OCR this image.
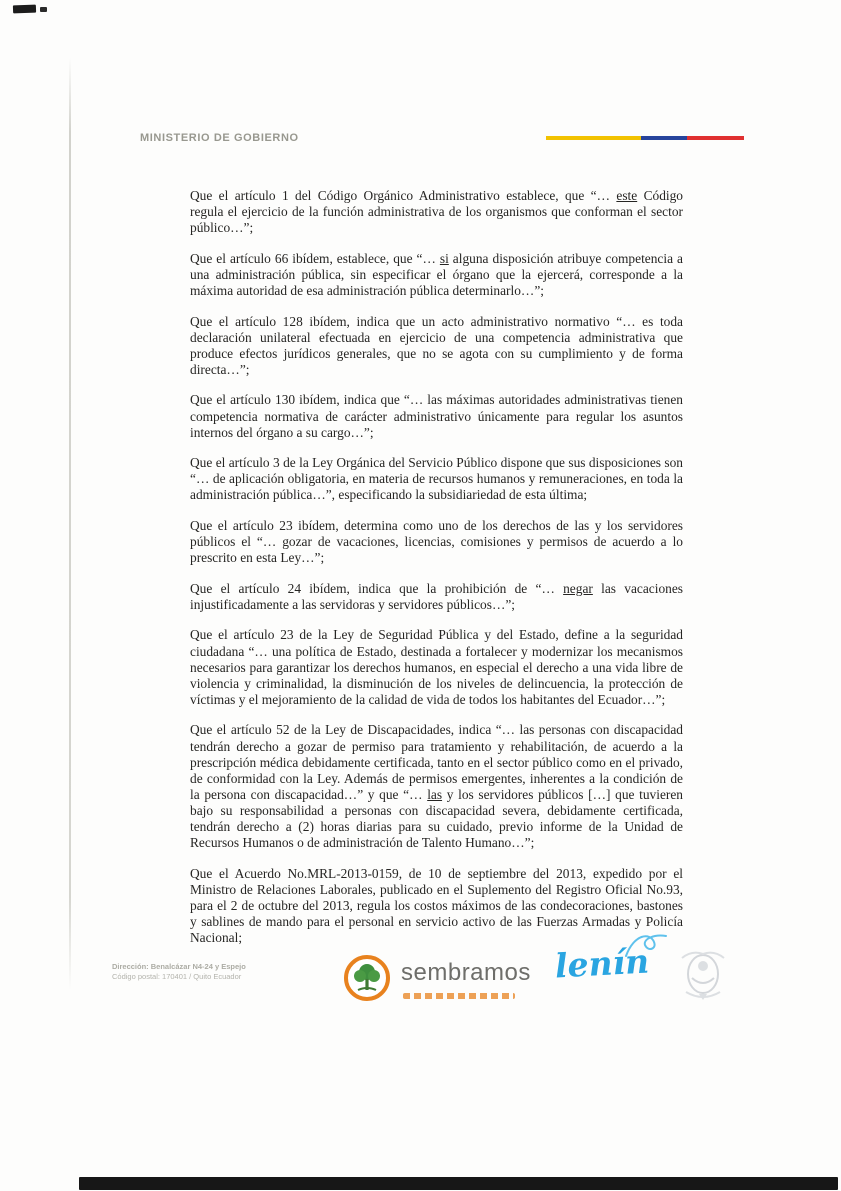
MINISTERIO DE GOBIERNO

Que el artículo 1 del Código Orgánico Administrativo establece, que “… este Código regula el ejercicio de la función administrativa de los organismos que conforman el sector público…”;

Que el artículo 66 ibídem, establece, que “… si alguna disposición atribuye competencia a una administración pública, sin especificar el órgano que la ejercerá, corresponde a la máxima autoridad de esa administración pública determinarlo…”;

Que el artículo 128 ibídem, indica que un acto administrativo normativo “… es toda declaración unilateral efectuada en ejercicio de una competencia administrativa que produce efectos jurídicos generales, que no se agota con su cumplimiento y de forma directa…”;

Que el artículo 130 ibídem, indica que “… las máximas autoridades administrativas tienen competencia normativa de carácter administrativo únicamente para regular los asuntos internos del órgano a su cargo…”;

Que el artículo 3 de la Ley Orgánica del Servicio Público dispone que sus disposiciones son “… de aplicación obligatoria, en materia de recursos humanos y remuneraciones, en toda la administración pública…”, especificando la subsidiariedad de esta última;

Que el artículo 23 ibídem, determina como uno de los derechos de las y los servidores públicos el “… gozar de vacaciones, licencias, comisiones y permisos de acuerdo a lo prescrito en esta Ley…”;

Que el artículo 24 ibídem, indica que la prohibición de “… negar las vacaciones injustificadamente a las servidoras y servidores públicos…”;

Que el artículo 23 de la Ley de Seguridad Pública y del Estado, define a la seguridad ciudadana “… una política de Estado, destinada a fortalecer y modernizar los mecanismos necesarios para garantizar los derechos humanos, en especial el derecho a una vida libre de violencia y criminalidad, la disminución de los niveles de delincuencia, la protección de víctimas y el mejoramiento de la calidad de vida de todos los habitantes del Ecuador…”;

Que el artículo 52 de la Ley de Discapacidades, indica “… las personas con discapacidad tendrán derecho a gozar de permiso para tratamiento y rehabilitación, de acuerdo a la prescripción médica debidamente certificada, tanto en el sector público como en el privado, de conformidad con la Ley. Además de permisos emergentes, inherentes a la condición de la persona con discapacidad…” y que “… las y los servidores públicos […] que tuvieren bajo su responsabilidad a personas con discapacidad severa, debidamente certificada, tendrán derecho a (2) horas diarias para su cuidado, previo informe de la Unidad de Recursos Humanos o de administración de Talento Humano…”;

Que el Acuerdo No.MRL-2013-0159, de 10 de septiembre del 2013, expedido por el Ministro de Relaciones Laborales, publicado en el Suplemento del Registro Oficial No.93, para el 2 de octubre del 2013, regula los costos máximos de las condecoraciones, bastones y sablines de mando para el personal en servicio activo de las Fuerzas Armadas y Policía Nacional;

Dirección: Benalcázar N4-24 y Espejo
Código postal: 170401 / Quito Ecuador	sembramos lenín
